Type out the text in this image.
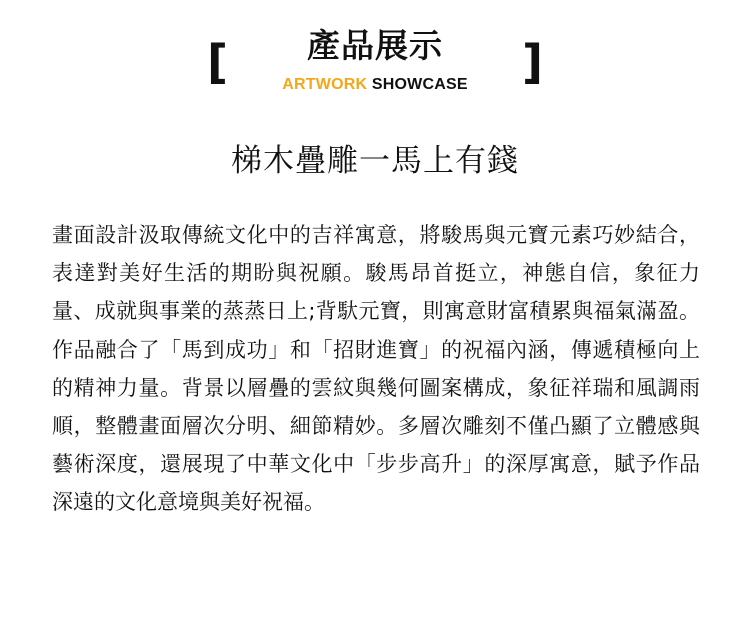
[	產品展示
ARTWORK SHOWCASE	]
梯木疊雕一馬上有錢

畫面設計汲取傳統文化中的吉祥寓意，將駿馬與元寶元素巧妙結合，表達對美好生活的期盼與祝願。駿馬昂首挺立，神態自信，象征力量、成就與事業的蒸蒸日上;背馱元寶，則寓意財富積累與福氣滿盈。作品融合了「馬到成功」和「招財進寶」的祝福內涵，傳遞積極向上的精神力量。背景以層疊的雲紋與幾何圖案構成，象征祥瑞和風調雨順，整體畫面層次分明、細節精妙。多層次雕刻不僅凸顯了立體感與藝術深度，還展現了中華文化中「步步高升」的深厚寓意，賦予作品深遠的文化意境與美好祝福。
